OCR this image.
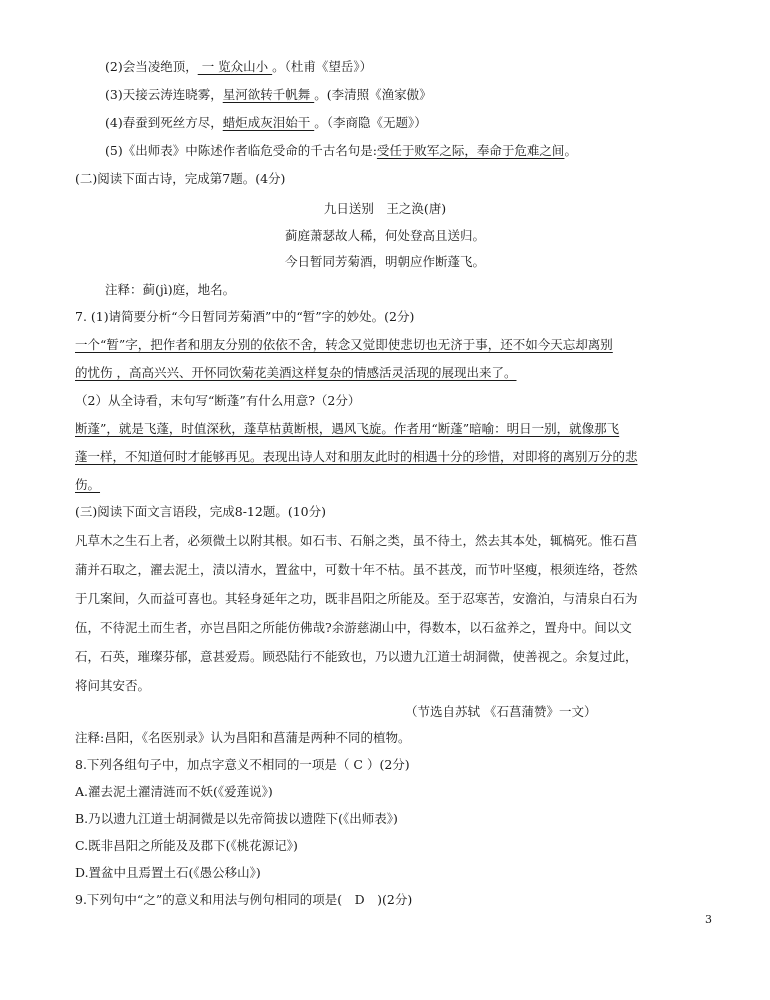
(2)会当凌绝顶， 一 览众山小 。（杜甫《望岳》）
(3)天接云涛连晓雾，星河欲转千帆舞 。(李清照《渔家傲》
(4)春蚕到死丝方尽，蜡炬成灰泪始干 。（李商隐《无题》）
(5)《出师表》中陈述作者临危受命的千古名句是:受任于败军之际，奉命于危难之间。
(二)阅读下面古诗，完成第7题。(4分)
九日送别　王之涣(唐)
蓟庭萧瑟故人稀，何处登高且送归。
今日暂同芳菊酒，明朝应作断蓬飞。
注释：蓟(jì)庭，地名。
7. (1)请简要分析“今日暂同芳菊酒”中的“暂”字的妙处。(2分)
一个“暂”字，把作者和朋友分别的依依不舍，转念又觉即使悲切也无济于事，还不如今天忘却离别
的忧伤 ，高高兴兴、开怀同饮菊花美酒这样复杂的情感活灵活现的展现出来了。
（2）从全诗看，末句写“断蓬”有什么用意?（2分）
断蓬”，就是飞蓬，时值深秋，蓬草枯黄断根，遇风飞旋。作者用“断蓬”暗喻：明日一别，就像那飞
蓬一样，不知道何时才能够再见。表现出诗人对和朋友此时的相遇十分的珍惜，对即将的离别万分的悲
伤。
(三)阅读下面文言语段，完成8-12题。(10分)
凡草木之生石上者，必须微土以附其根。如石韦、石斛之类，虽不待土，然去其本处，辄槁死。惟石菖
蒲并石取之，濯去泥土，渍以清水，置盆中，可数十年不枯。虽不甚茂，而节叶坚瘦，根须连络，苍然
于几案间，久而益可喜也。其轻身延年之功，既非昌阳之所能及。至于忍寒苦，安澹泊，与清泉白石为
伍，不待泥土而生者，亦岂昌阳之所能仿佛哉?余游慈湖山中，得数本，以石盆养之，置舟中。间以文
石，石英，璀璨芬郁，意甚爱焉。顾恐陆行不能致也，乃以遗九江道士胡洞微，使善视之。余复过此，
将问其安否。
（节选自苏轼 《石菖蒲赞》一文）
注释:昌阳，《名医别录》认为昌阳和菖蒲是两种不同的植物。
8.下列各组句子中，加点字意义不相同的一项是（ C ）(2分)
A.濯去泥土濯清涟而不妖(《爱莲说》)
B.乃以遗九江道士胡洞微是以先帝简拔以遗陛下(《出师表》)
C.既非昌阳之所能及及郡下(《桃花源记》)
D.置盆中且焉置土石(《愚公移山》)
9.下列句中“之”的意义和用法与例句相同的项是(　D　)(2分)
3
